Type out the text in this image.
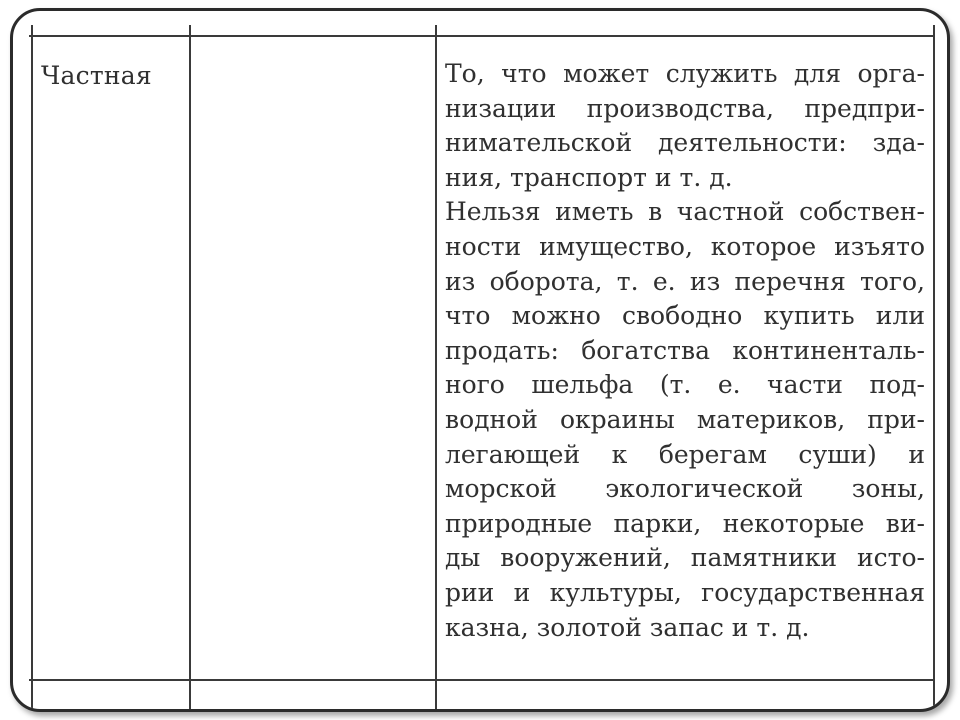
Частная	То, что может служить для орга-
низации производства, предпри-
нимательской деятельности: зда-
ния, транспорт и т. д.
Нельзя иметь в частной собствен-
ности имущество, которое изъято
из оборота, т. е. из перечня того,
что можно свободно купить или
продать: богатства континенталь-
ного шельфа (т. е. части под-
водной окраины материков, при-
легающей к берегам суши) и
морской экологической зоны,
природные парки, некоторые ви-
ды вооружений, памятники исто-
рии и культуры, государственная
казна, золотой запас и т. д.
